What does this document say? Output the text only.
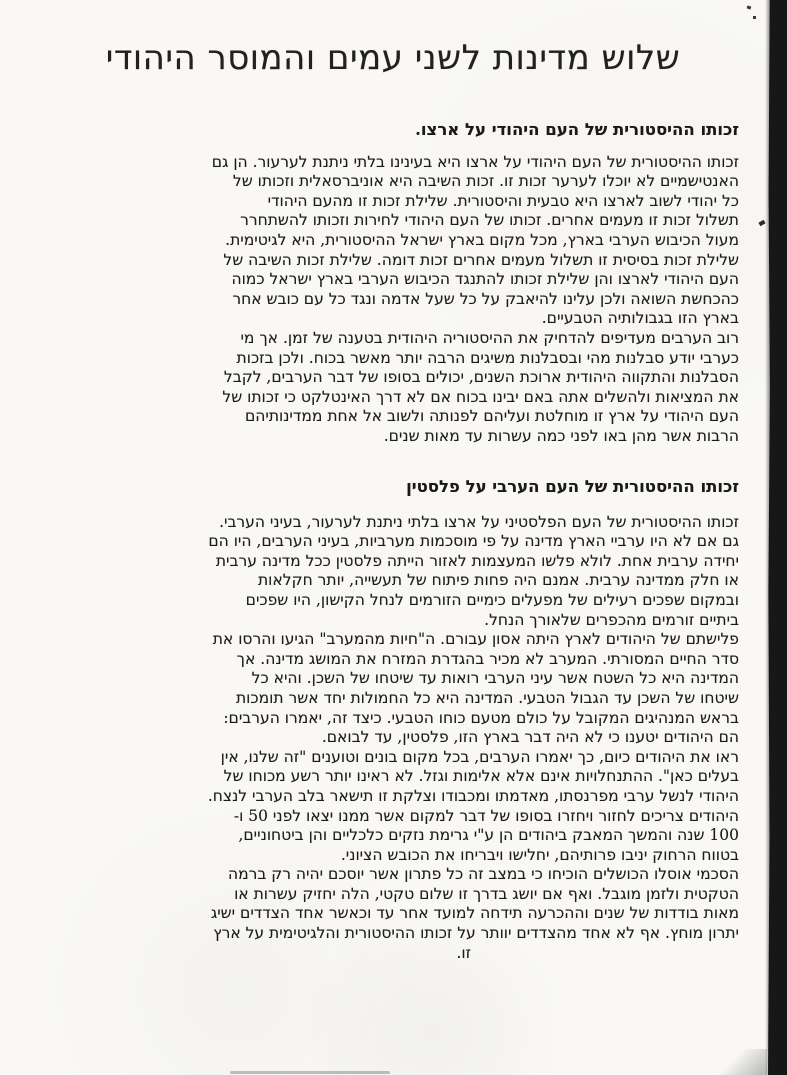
שלוש מדינות לשני עמים והמוסר היהודי
זכותו ההיסטורית של העם היהודי על ארצו.
זכותו ההיסטורית של העם היהודי על ארצו היא בעינינו בלתי ניתנת לערעור. הן גם
האנטישמיים לא יוכלו לערער זכות זו. זכות השיבה היא אוניברסאלית וזכותו של
כל יהודי לשוב לארצו היא טבעית והיסטורית. שלילת זכות זו מהעם היהודי
תשלול זכות זו מעמים אחרים. זכותו של העם היהודי לחירות וזכותו להשתחרר
מעול הכיבוש הערבי בארץ, מכל מקום בארץ ישראל ההיסטורית, היא לגיטימית.
שלילת זכות בסיסית זו תשלול מעמים אחרים זכות דומה. שלילת זכות השיבה של
העם היהודי לארצו והן שלילת זכותו להתנגד הכיבוש הערבי בארץ ישראל כמוה
כהכחשת השואה ולכן עלינו להיאבק על כל שעל אדמה ונגד כל עם כובש אחר
בארץ הזו בגבולותיה הטבעיים.
רוב הערבים מעדיפים להדחיק את ההיסטוריה היהודית בטענה של זמן. אך מי
כערבי יודע סבלנות מהי ובסבלנות משיגים הרבה יותר מאשר בכוח. ולכן בזכות
הסבלנות והתקווה היהודית ארוכת השנים, יכולים בסופו של דבר הערבים, לקבל
את המציאות ולהשלים אתה באם יבינו בכוח אם לא דרך האינטלקט כי זכותו של
העם היהודי על ארץ זו מוחלטת ועליהם לפנותה ולשוב אל אחת ממדינותיהם
הרבות אשר מהן באו לפני כמה עשרות עד מאות שנים.
זכותו ההיסטורית של העם הערבי על פלסטין
זכותו ההיסטורית של העם הפלסטיני על ארצו בלתי ניתנת לערעור, בעיני הערבי.
גם אם לא היו ערביי הארץ מדינה על פי מוסכמות מערביות, בעיני הערבים, היו הם
יחידה ערבית אחת. לולא פלשו המעצמות לאזור הייתה פלסטין ככל מדינה ערבית
או חלק ממדינה ערבית. אמנם היה פחות פיתוח של תעשייה, יותר חקלאות
ובמקום שפכים רעילים של מפעלים כימיים הזורמים לנחל הקישון, היו שפכים
ביתיים זורמים מהכפרים שלאורך הנחל.
פלישתם של היהודים לארץ היתה אסון עבורם. ה"חיות מהמערב" הגיעו והרסו את
סדר החיים המסורתי. המערב לא מכיר בהגדרת המזרח את המושג מדינה. אך
המדינה היא כל השטח אשר עיני הערבי רואות עד שיטחו של השכן. והיא כל
שיטחו של השכן עד הגבול הטבעי. המדינה היא כל החמולות יחד אשר תומכות
בראש המנהיגים המקובל על כולם מטעם כוחו הטבעי. כיצד זה, יאמרו הערבים:
הם היהודים יטענו כי לא היה דבר בארץ הזו, פלסטין, עד לבואם.
ראו את היהודים כיום, כך יאמרו הערבים, בכל מקום בונים וטוענים "זה שלנו, אין
בעלים כאן". ההתנחלויות אינם אלא אלימות וגזל. לא ראינו יותר רשע מכוחו של
היהודי לנשל ערבי מפרנסתו, מאדמתו ומכבודו וצלקת זו תישאר בלב הערבי לנצח.
היהודים צריכים לחזור ויחזרו בסופו של דבר למקום אשר ממנו יצאו לפני 50 ו-
100 שנה והמשך המאבק ביהודים הן ע"י גרימת נזקים כלכליים והן ביטחוניים,
בטווח הרחוק יניבו פרותיהם, יחלישו ויבריחו את הכובש הציוני.
הסכמי אוסלו הכושלים הוכיחו כי במצב זה כל פתרון אשר יוסכם יהיה רק ברמה
הטקטית ולזמן מוגבל. ואף אם יושג בדרך זו שלום טקטי, הלה יחזיק עשרות או
מאות בודדות של שנים וההכרעה תידחה למועד אחר עד וכאשר אחד הצדדים ישיג
יתרון מוחץ. אף לא אחד מהצדדים יוותר על זכותו ההיסטורית והלגיטימית על ארץ
זו.
